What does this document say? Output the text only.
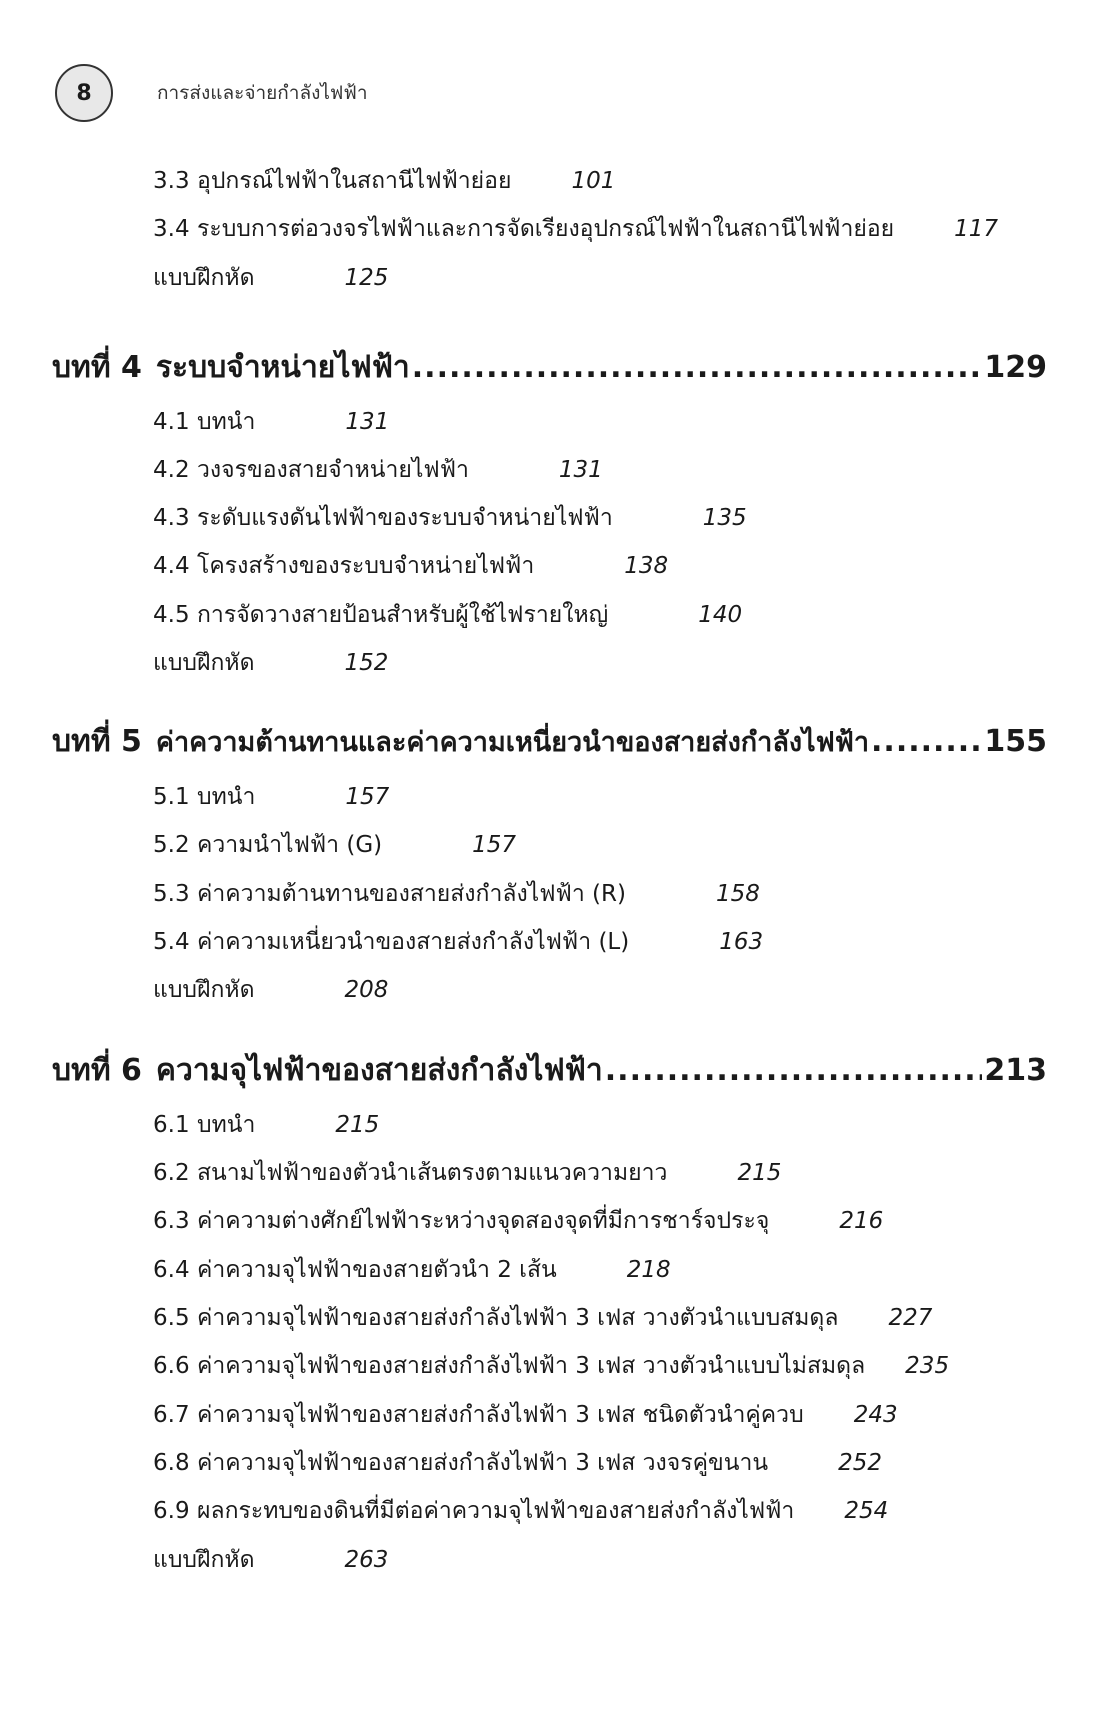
8	การส่งและจ่ายกำลังไฟฟ้า
3.3 อุปกรณ์ไฟฟ้าในสถานีไฟฟ้าย่อย	101
3.4 ระบบการต่อวงจรไฟฟ้าและการจัดเรียงอุปกรณ์ไฟฟ้าในสถานีไฟฟ้าย่อย	117
แบบฝึกหัด	125
บทที่ 4 ระบบจำหน่ายไฟฟ้า .....	129
4.1 บทนำ	131
4.2 วงจรของสายจำหน่ายไฟฟ้า	131
4.3 ระดับแรงดันไฟฟ้าของระบบจำหน่ายไฟฟ้า	135
4.4 โครงสร้างของระบบจำหน่ายไฟฟ้า	138
4.5 การจัดวางสายป้อนสำหรับผู้ใช้ไฟรายใหญ่	140
แบบฝึกหัด	152
บทที่ 5 ค่าความต้านทานและค่าความเหนี่ยวนำของสายส่งกำลังไฟฟ้า .....	155
5.1 บทนำ	157
5.2 ความนำไฟฟ้า (G)	157
5.3 ค่าความต้านทานของสายส่งกำลังไฟฟ้า (R)	158
5.4 ค่าความเหนี่ยวนำของสายส่งกำลังไฟฟ้า (L)	163
แบบฝึกหัด	208
บทที่ 6 ความจุไฟฟ้าของสายส่งกำลังไฟฟ้า .....	213
6.1 บทนำ	215
6.2 สนามไฟฟ้าของตัวนำเส้นตรงตามแนวความยาว	215
6.3 ค่าความต่างศักย์ไฟฟ้าระหว่างจุดสองจุดที่มีการชาร์จประจุ	216
6.4 ค่าความจุไฟฟ้าของสายตัวนำ 2 เส้น	218
6.5 ค่าความจุไฟฟ้าของสายส่งกำลังไฟฟ้า 3 เฟส วางตัวนำแบบสมดุล 227
6.6 ค่าความจุไฟฟ้าของสายส่งกำลังไฟฟ้า 3 เฟส วางตัวนำแบบไม่สมดุล 235
6.7 ค่าความจุไฟฟ้าของสายส่งกำลังไฟฟ้า 3 เฟส ชนิดตัวนำคู่ควบ 243
6.8 ค่าความจุไฟฟ้าของสายส่งกำลังไฟฟ้า 3 เฟส วงจรคู่ขนาน	252
6.9 ผลกระทบของดินที่มีต่อค่าความจุไฟฟ้าของสายส่งกำลังไฟฟ้า 254
แบบฝึกหัด	263
